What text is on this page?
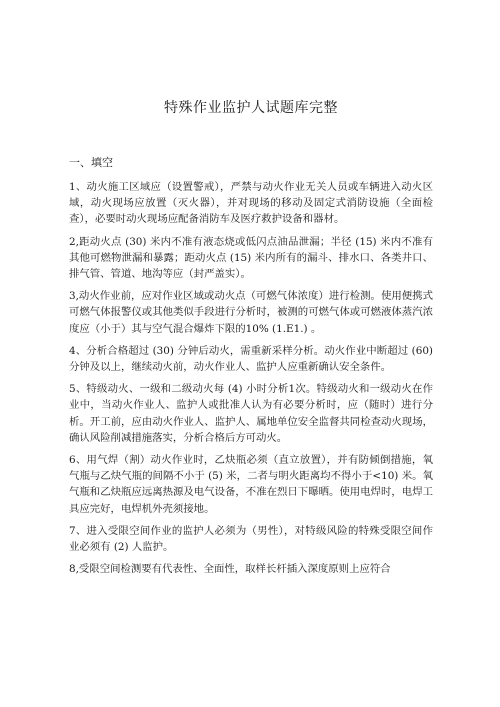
特殊作业监护人试题库完整
一、填空

1、动火施工区域应（设置警戒），严禁与动火作业无关人员或车辆进入动火区域，动火现场应放置（灭火器），并对现场的移动及固定式消防设施（全面检查），必要时动火现场应配备消防车及医疗救护设备和器材。

2,距动火点 (30) 米内不准有液态烧或低闪点油品泄漏；半径 (15) 米内不准有其他可燃物泄漏和暴露；距动火点 (15) 米内所有的漏斗、排水口、各类井口、排气管、管道、地沟等应（封严盖实）。

3,动火作业前，应对作业区域或动火点（可燃气体浓度）进行检测。使用便携式可燃气体报警仪或其他类似手段进行分析时，被测的可燃气体或可燃液体蒸汽浓度应（小于）其与空气混合爆炸下限的10% (1.E1.) 。

4、分析合格超过 (30) 分钟后动火，需重新采样分析。动火作业中断超过 (60) 分钟及以上，继续动火前，动火作业人、监护人应重新确认安全条件。

5、特级动火、一级和二级动火每 (4) 小时分析1次。特级动火和一级动火在作业中，当动火作业人、监护人或批准人认为有必要分析时，应（随时）进行分析。开工前，应由动火作业人、监护人、属地单位安全监督共同检查动火现场，确认风险削减措施落实，分析合格后方可动火。

6、用气焊（割）动火作业时，乙炔瓶必须（直立放置），并有防倾倒措施，氧气瓶与乙炔气瓶的间隔不小于 (5) 米，二者与明火距离均不得小于<10) 米。氧气瓶和乙炔瓶应远离热源及电气设备，不准在烈日下曝晒。使用电焊时，电焊工具应完好，电焊机外壳须接地。

7、进入受限空间作业的监护人必须为（男性），对特级风险的特殊受限空间作业必须有 (2) 人监护。

8,受限空间检测要有代表性、全面性，取样长杆插入深度原则上应符合
